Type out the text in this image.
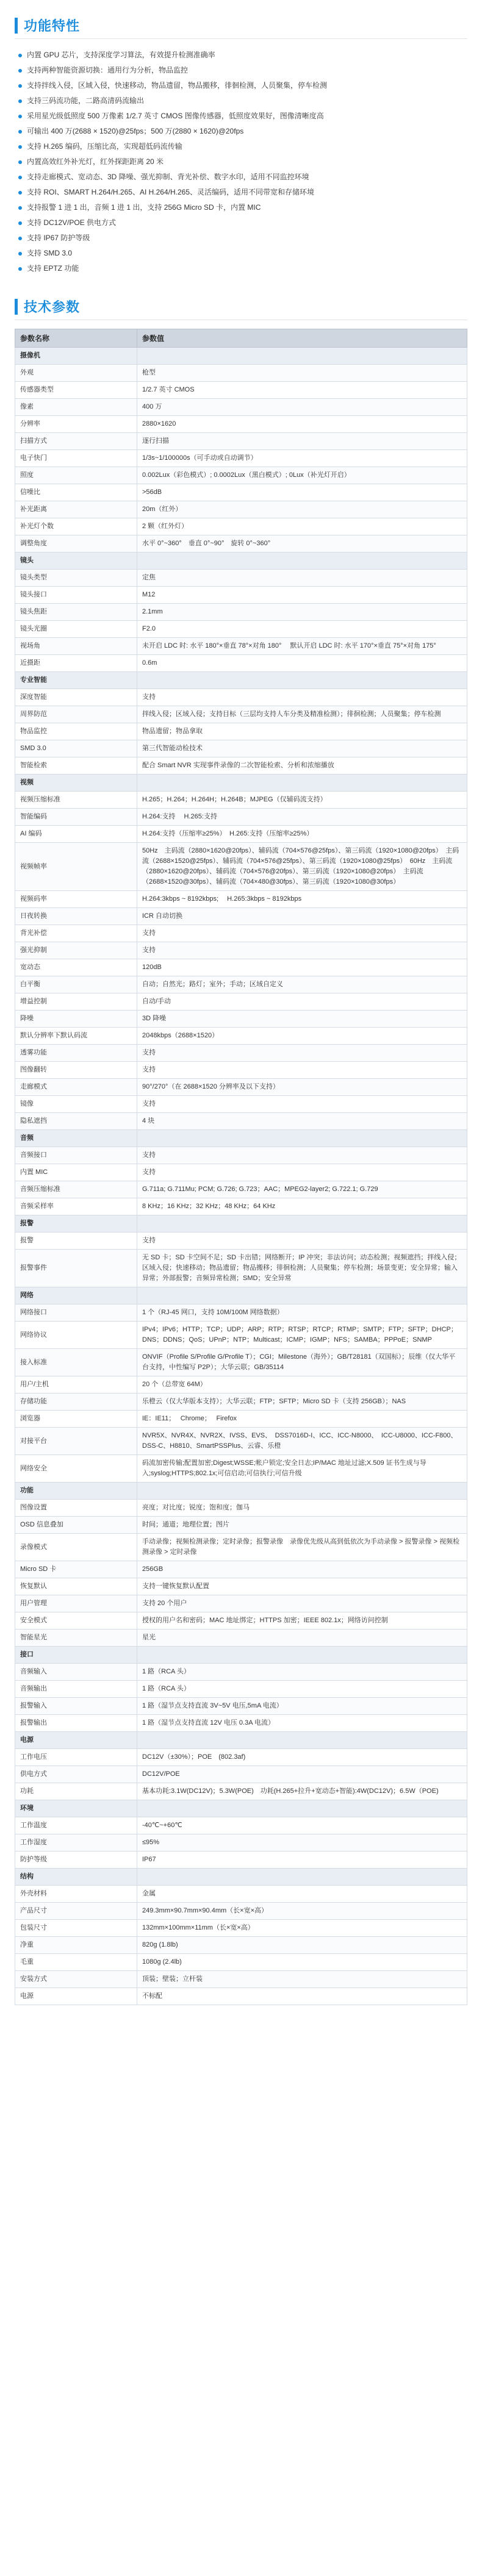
功能特性
内置 GPU 芯片，支持深度学习算法，有效提升检测准确率
支持两种智能资源切换：通用行为分析，物品监控
支持拌线入侵，区域入侵，快速移动，物品遗留，物品搬移，徘徊检测，人员聚集，停车检测
支持三码流功能，二路高清码流输出
采用星光级低照度 500 万像素 1/2.7 英寸 CMOS 图像传感器，低照度效果好，图像清晰度高
可输出 400 万(2688 × 1520)@25fps；500 万(2880 × 1620)@20fps
支持 H.265 编码，压缩比高，实现超低码流传输
内置高效红外补光灯，红外探距距离 20 米
支持走廊模式、宽动态、3D 降噪、强光抑制、背光补偿、数字水印，适用不同监控环境
支持 ROI、SMART H.264/H.265、AI H.264/H.265、灵活编码，适用不同带宽和存储环境
支持报警 1 进 1 出，音频 1 进 1 出，支持 256G Micro SD 卡，内置 MIC
支持 DC12V/POE 供电方式
支持 IP67 防护等级
支持 SMD 3.0
支持 EPTZ 功能
技术参数
参数名称	参数值
摄像机	
外观	枪型
传感器类型	1/2.7 英寸 CMOS
像素	400 万
分辨率	2880×1620
扫描方式	逐行扫描
电子快门	1/3s~1/100000s（可手动或自动调节）
照度	0.002Lux（彩色模式）; 0.0002Lux（黑白模式）; 0Lux（补光灯开启）
信噪比	>56dB
补光距离	20m（红外）
补光灯个数	2 颗（红外灯）
调整角度	水平 0°~360°　垂直 0°~90°　旋转 0°~360°
镜头	
镜头类型	定焦
镜头接口	M12
镜头焦距	2.1mm
镜头光圈	F2.0
视场角	未开启 LDC 时: 水平 180°×垂直 78°×对角 180°　 默认开启 LDC 时: 水平 170°×垂直 75°×对角 175°
近摄距	0.6m
专业智能	
深度智能	支持
周界防范	拌线入侵；区域入侵；支持目标（三层均支持人车分类及精准检测）；徘徊检测；人员聚集；停车检测
物品监控	物品遗留；物品拿取
SMD 3.0	第三代智能动检技术
智能检索	配合 Smart NVR 实现事件录像的二次智能检索、分析和浓缩播放
视频	
视频压缩标准	H.265；H.264；H.264H；H.264B；MJPEG（仅辅码流支持）
智能编码	H.264:支持　 H.265:支持
AI 编码	H.264:支持（压缩率≥25%）　H.265:支持（压缩率≥25%）
视频帧率	50Hz　主码流（2880×1620@20fps）、辅码流（704×576@25fps）、第三码流（1920×1080@20fps）　主码流（2688×1520@25fps）、辅码流（704×576@25fps）、第三码流（1920×1080@25fps）　60Hz　主码流（2880×1620@20fps）、辅码流（704×576@20fps）、第三码流（1920×1080@20fps）　主码流（2688×1520@30fps）、辅码流（704×480@30fps）、第三码流（1920×1080@30fps）
视频码率	H.264:3kbps ~ 8192kbps;　 H.265:3kbps ~ 8192kbps
日夜转换	ICR 自动切换
背光补偿	支持
强光抑制	支持
宽动态	120dB
白平衡	自动；自然光；路灯；室外；手动；区域自定义
增益控制	自动/手动
降噪	3D 降噪
默认分辨率下默认码流	2048kbps（2688×1520）
透雾功能	支持
图像翻转	支持
走廊模式	90°/270°（在 2688×1520 分辨率及以下支持）
镜像	支持
隐私遮挡	4 块
音频	
音频接口	支持
内置 MIC	支持
音频压缩标准	G.711a; G.711Mu; PCM; G.726; G.723；AAC；MPEG2-layer2; G.722.1; G.729
音频采样率	8 KHz；16 KHz；32 KHz；48 KHz；64 KHz
报警	
报警	支持
报警事件	无 SD 卡；SD 卡空间不足；SD 卡出错；网络断开；IP 冲突；非法访问；动态检测；视频遮挡；拌线入侵；区域入侵；快速移动；物品遗留；物品搬移；徘徊检测；人员聚集；停车检测；场景变更；安全异常；输入异常；外部报警；音频异常检测；SMD；安全异常
网络	
网络接口	1 个（RJ-45 网口，支持 10M/100M 网络数据）
网络协议	IPv4；IPv6；HTTP；TCP；UDP；ARP；RTP；RTSP；RTCP；RTMP；SMTP；FTP；SFTP；DHCP；DNS；DDNS；QoS；UPnP；NTP；Multicast；ICMP；IGMP；NFS；SAMBA；PPPoE；SNMP
接入标准	ONVIF（Profile S/Profile G/Profile T）；CGI；Milestone（海外）；GB/T28181（双国标）；辰维（仅大华平台支持，中性编写 P2P）；大华云联；GB/35114
用户/主机	20 个（总带宽 64M）
存储功能	乐橙云（仅大华版本支持）；大华云联；FTP；SFTP；Micro SD 卡（支持 256GB）；NAS
浏览器	IE：IE11；　 Chrome；　 Firefox
对接平台	NVR5X、NVR4X、NVR2X、IVSS、EVS、　DSS7016D-I、ICC、ICC-N8000、　ICC-U8000、ICC-F800、DSS-C、H8810、SmartPSSPlus、云睿、乐橙
网络安全	码流加密传输;配置加密;Digest;WSSE;帐户锁定;安全日志;IP/MAC 地址过滤;X.509 证书生成与导入;syslog;HTTPS;802.1x;可信启动;可信执行;可信升级
功能	
图像设置	亮度；对比度；锐度；饱和度；伽马
OSD 信息叠加	时间；通道；地理位置；图片
录像模式	手动录像；视频检测录像；定时录像；报警录像　录像优先级从高到低依次为手动录像 > 报警录像 > 视频检测录像 > 定时录像
Micro SD 卡	256GB
恢复默认	支持一键恢复默认配置
用户管理	支持 20 个用户
安全模式	授权的用户名和密码；MAC 地址绑定；HTTPS 加密；IEEE 802.1x；网络访问控制
智能星光	星光
接口	
音频输入	1 路（RCA 头）
音频输出	1 路（RCA 头）
报警输入	1 路（湿节点支持直流 3V~5V 电压,5mA 电流）
报警输出	1 路（湿节点支持直流 12V 电压 0.3A 电流）
电源	
工作电压	DC12V（±30%）；POE　(802.3af)
供电方式	DC12V/POE
功耗	基本功耗:3.1W(DC12V)；5.3W(POE)　功耗(H.265+拉升+宽动态+智能):4W(DC12V)；6.5W（POE)
环境	
工作温度	-40℃~+60℃
工作湿度	≤95%
防护等级	IP67
结构	
外壳材料	金属
产品尺寸	249.3mm×90.7mm×90.4mm（长×宽×高）
包装尺寸	132mm×100mm×11mm（长×宽×高）
净重	820g (1.8lb)
毛重	1080g (2.4lb)
安装方式	顶装；壁装；立杆装
电源	不标配
